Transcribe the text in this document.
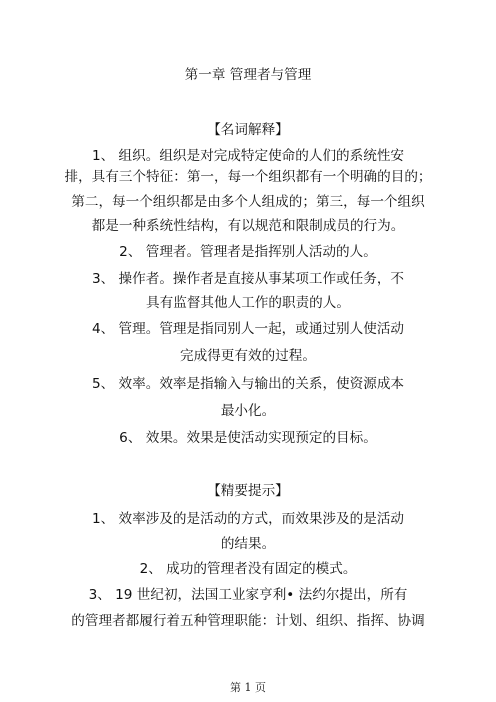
第一章 管理者与管理
【名词解释】
1、 组织。组织是对完成特定使命的人们的系统性安
排，具有三个特征：第一，每一个组织都有一个明确的目的；
第二，每一个组织都是由多个人组成的；第三，每一个组织
都是一种系统性结构，有以规范和限制成员的行为。
2、 管理者。管理者是指挥别人活动的人。
3、 操作者。操作者是直接从事某项工作或任务，不
具有监督其他人工作的职责的人。
4、 管理。管理是指同别人一起，或通过别人使活动
完成得更有效的过程。
5、 效率。效率是指输入与输出的关系，使资源成本
最小化。
6、 效果。效果是使活动实现预定的目标。
【精要提示】
1、 效率涉及的是活动的方式，而效果涉及的是活动
的结果。
2、 成功的管理者没有固定的模式。
3、 19 世纪初，法国工业家亨利• 法约尔提出，所有
的管理者都履行着五种管理职能：计划、组织、指挥、协调
第 1 页
